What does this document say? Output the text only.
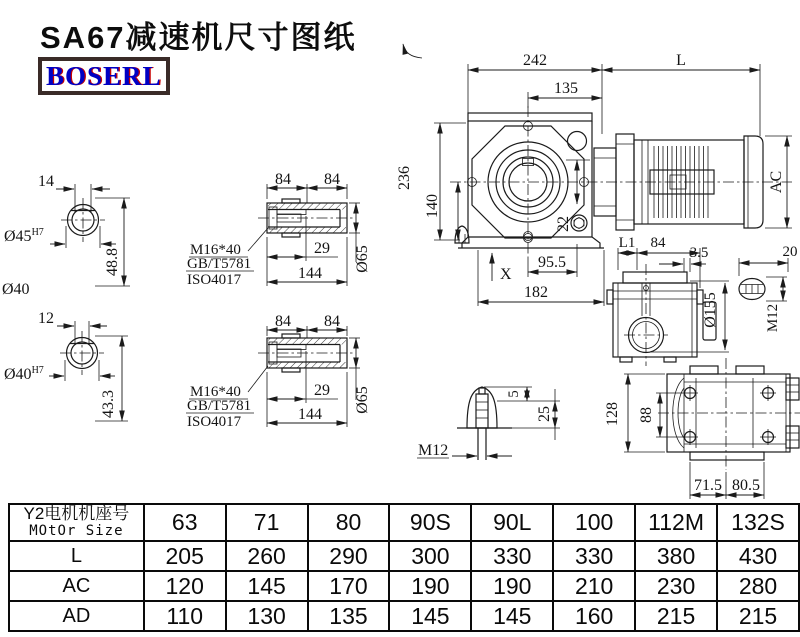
SA67减速机尺寸图纸
BOSERL
14
$Ø45^{H7}$
48.8
Ø40
12
$Ø40^{H7}$
43.3
84 84
29
144
Ø65
M16*40
GB/T5781
ISO4017
84 84
29
144
Ø65
M16*40
GB/T5781
ISO4017
242	L
135
236
140
22
95.5
182
X
AC
L1 84
3.5
Ø155
20
M12
M12
5
25	128 88
71.5 80.5
Y2电机机座号
MOtOr Size	63	71	80	90S	90L	100	112M	132S
L	205	260	290	300	330	330	380	430
AC	120	145	170	190	190	210	230	280
AD	110	130	135	145	145	160	215	215
